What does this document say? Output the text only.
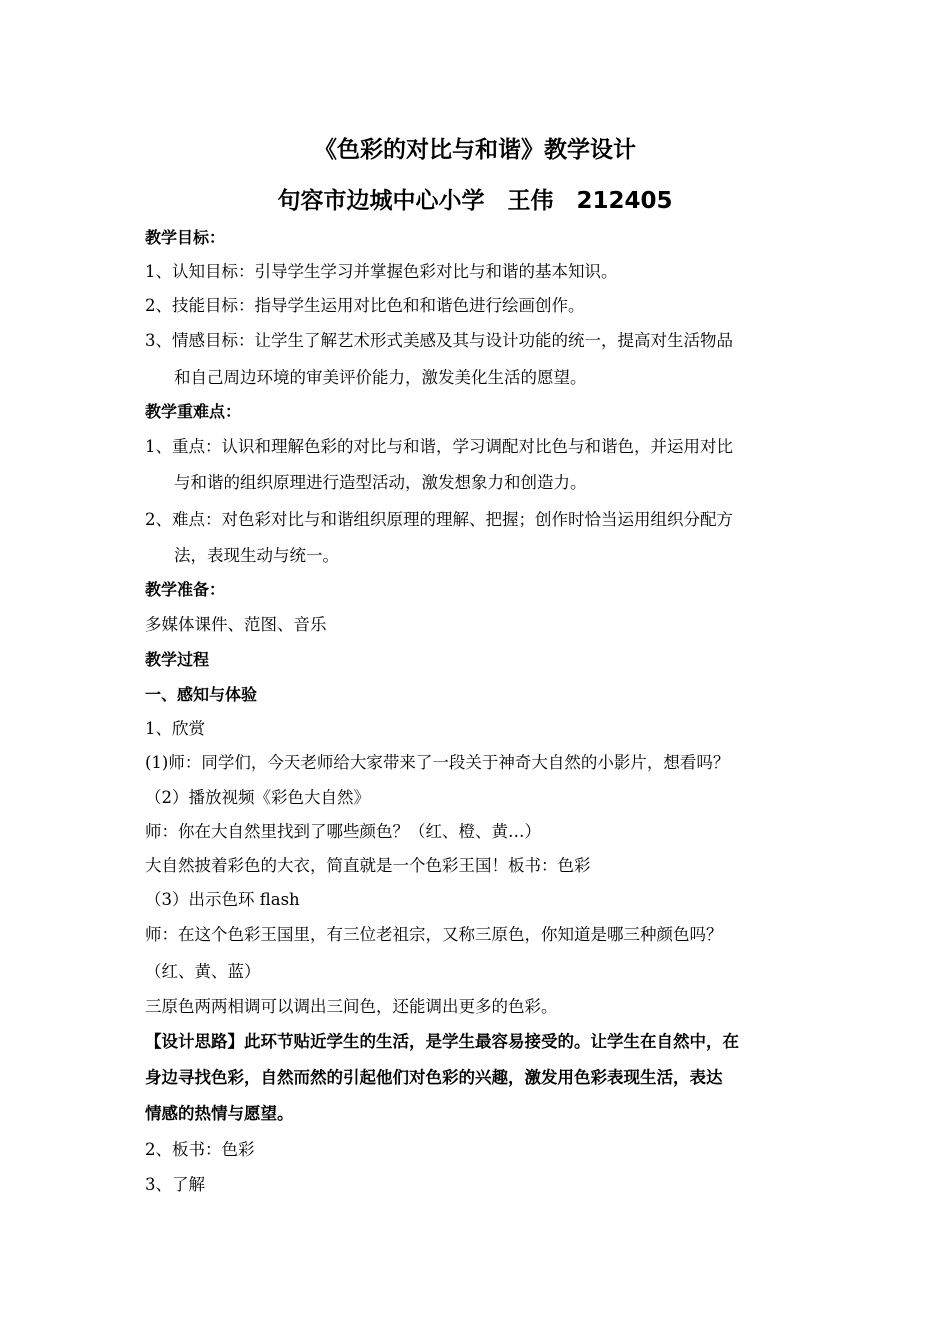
《色彩的对比与和谐》教学设计
句容市边城中心小学　王伟　212405
教学目标：
1、认知目标：引导学生学习并掌握色彩对比与和谐的基本知识。
2、技能目标：指导学生运用对比色和和谐色进行绘画创作。
3、情感目标：让学生了解艺术形式美感及其与设计功能的统一，提高对生活物品
和自己周边环境的审美评价能力，激发美化生活的愿望。
教学重难点：
1、重点：认识和理解色彩的对比与和谐，学习调配对比色与和谐色，并运用对比
与和谐的组织原理进行造型活动，激发想象力和创造力。
2、难点：对色彩对比与和谐组织原理的理解、把握；创作时恰当运用组织分配方
法，表现生动与统一。
教学准备：
多媒体课件、范图、音乐
教学过程
一、感知与体验
1、欣赏
(1)师：同学们，今天老师给大家带来了一段关于神奇大自然的小影片，想看吗？
（2）播放视频《彩色大自然》
师：你在大自然里找到了哪些颜色？（红、橙、黄…）
大自然披着彩色的大衣，简直就是一个色彩王国！板书：色彩
（3）出示色环 flash
师：在这个色彩王国里，有三位老祖宗，又称三原色，你知道是哪三种颜色吗？
（红、黄、蓝）
三原色两两相调可以调出三间色，还能调出更多的色彩。
【设计思路】此环节贴近学生的生活，是学生最容易接受的。让学生在自然中，在
身边寻找色彩，自然而然的引起他们对色彩的兴趣，激发用色彩表现生活，表达
情感的热情与愿望。
2、板书：色彩
3、了解
